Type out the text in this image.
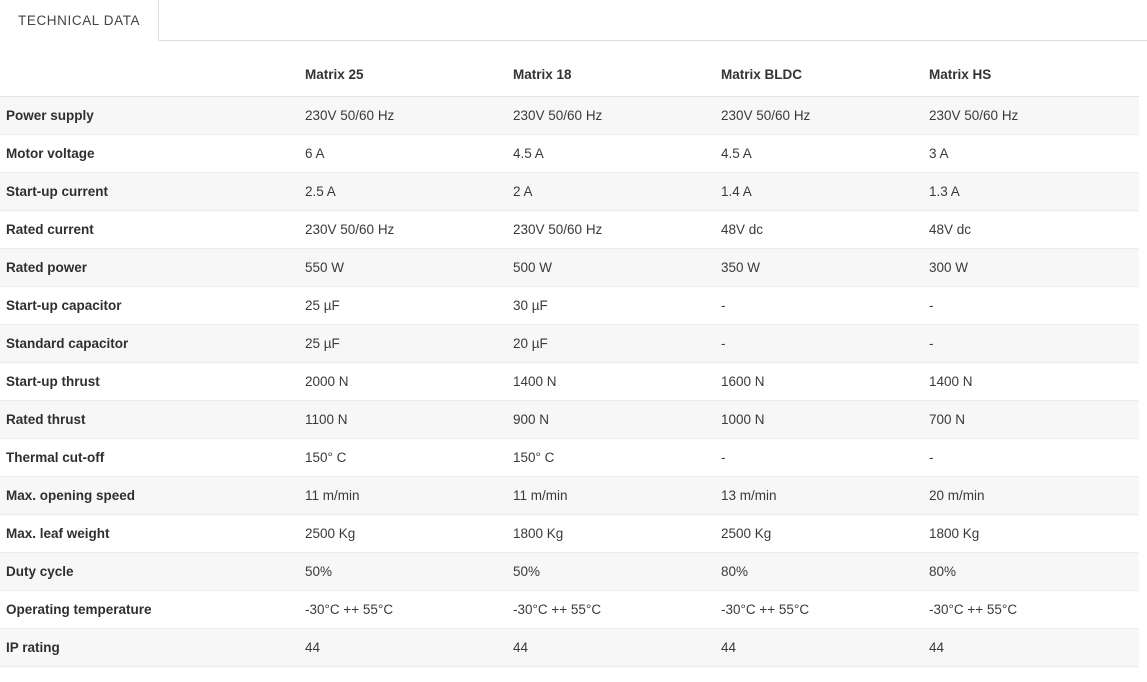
TECHNICAL DATA
	Matrix 25	Matrix 18	Matrix BLDC	Matrix HS
Power supply	230V 50/60 Hz	230V 50/60 Hz	230V 50/60 Hz	230V 50/60 Hz
Motor voltage	6 A	4.5 A	4.5 A	3 A
Start-up current	2.5 A	2 A	1.4 A	1.3 A
Rated current	230V 50/60 Hz	230V 50/60 Hz	48V dc	48V dc
Rated power	550 W	500 W	350 W	300 W
Start-up capacitor	25 µF	30 µF	-	-
Standard capacitor	25 µF	20 µF	-	-
Start-up thrust	2000 N	1400 N	1600 N	1400 N
Rated thrust	1100 N	900 N	1000 N	700 N
Thermal cut-off	150° C	150° C	-	-
Max. opening speed	11 m/min	11 m/min	13 m/min	20 m/min
Max. leaf weight	2500 Kg	1800 Kg	2500 Kg	1800 Kg
Duty cycle	50%	50%	80%	80%
Operating temperature	-30°C ++ 55°C	-30°C ++ 55°C	-30°C ++ 55°C	-30°C ++ 55°C
IP rating	44	44	44	44
